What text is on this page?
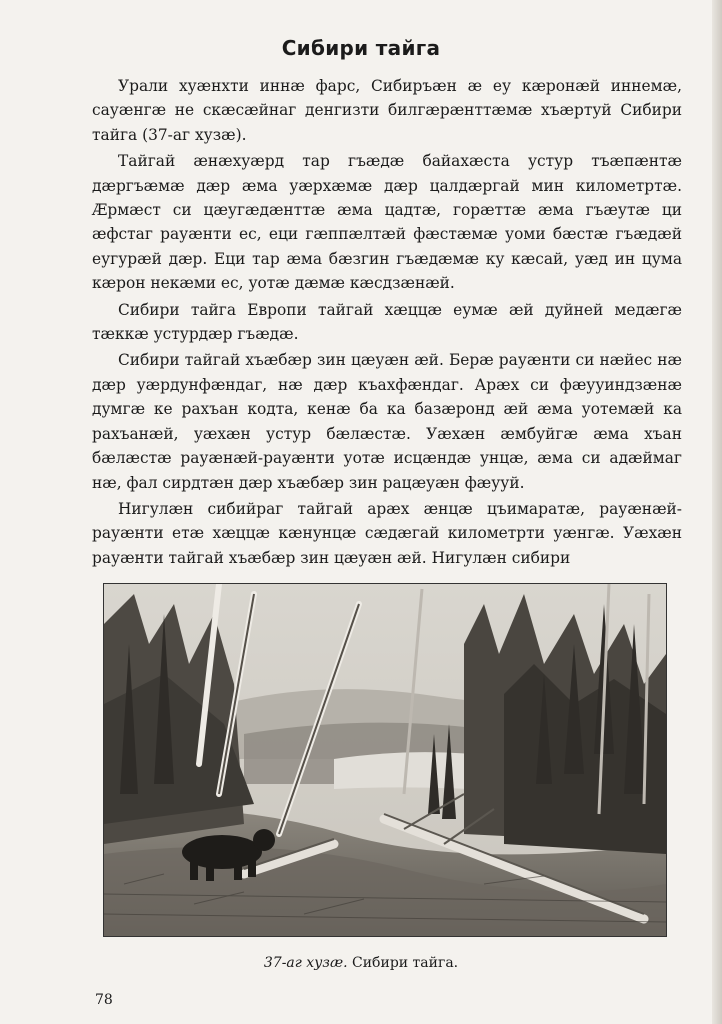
Сибири тайга

Урали хуæнхти иннæ фарс, Сибиръæн æ еу кæронæй иннемæ, сауæнгæ не скæсæйнаг денгизти билгæрæнттæмæ хъæртуй Сибири тайга (37-аг хузæ).

Тайгай æнæхуæрд тар гъæдæ байахæста устур тъæпæнтæ дæргъæмæ дæр æма уæрхæмæ дæр цалдæргай мин километртæ. Æрмæст си цæугæдæнттæ æма цадтæ, горæттæ æма гъæутæ ци æфстаг рауæнти ес, еци гæппæлтæй фæстæмæ уоми бæстæ гъæдæй еугурæй дæр. Еци тар æма бæзгин гъæдæмæ ку кæсай, уæд ин цума кæрон некæми ес, уотæ дæмæ кæсдзæнæй.

Сибири тайга Европи тайгай хæццæ еумæ æй дуйней медæгæ тæккæ устурдæр гъæдæ.

Сибири тайгай хъæбæр зин цæуæн æй. Берæ рауæнти си нæйес нæ дæр уæрдунфæндаг, нæ дæр къахфæндаг. Арæх си фæууиндзæнæ думгæ ке рахъан кодта, кенæ ба ка базæронд æй æма уотемæй ка рахъанæй, уæхæн устур бæлæстæ. Уæхæн æмбуйгæ æма хъан бæлæстæ рауæнæй-рауæнти уотæ исцæндæ унцæ, æма си адæймаг нæ, фал сирдтæн дæр хъæбæр зин рацæуæн фæууй.

Нигулæн сибийраг тайгай арæх æнцæ цъимаратæ, рауæнæй-рауæнти етæ хæццæ кæнунцæ сæдæгай километрти уæнгæ. Уæхæн рауæнти тайгай хъæбæр зин цæуæн æй. Нигулæн сибири

37-аг хузæ. Сибири тайга.
78
